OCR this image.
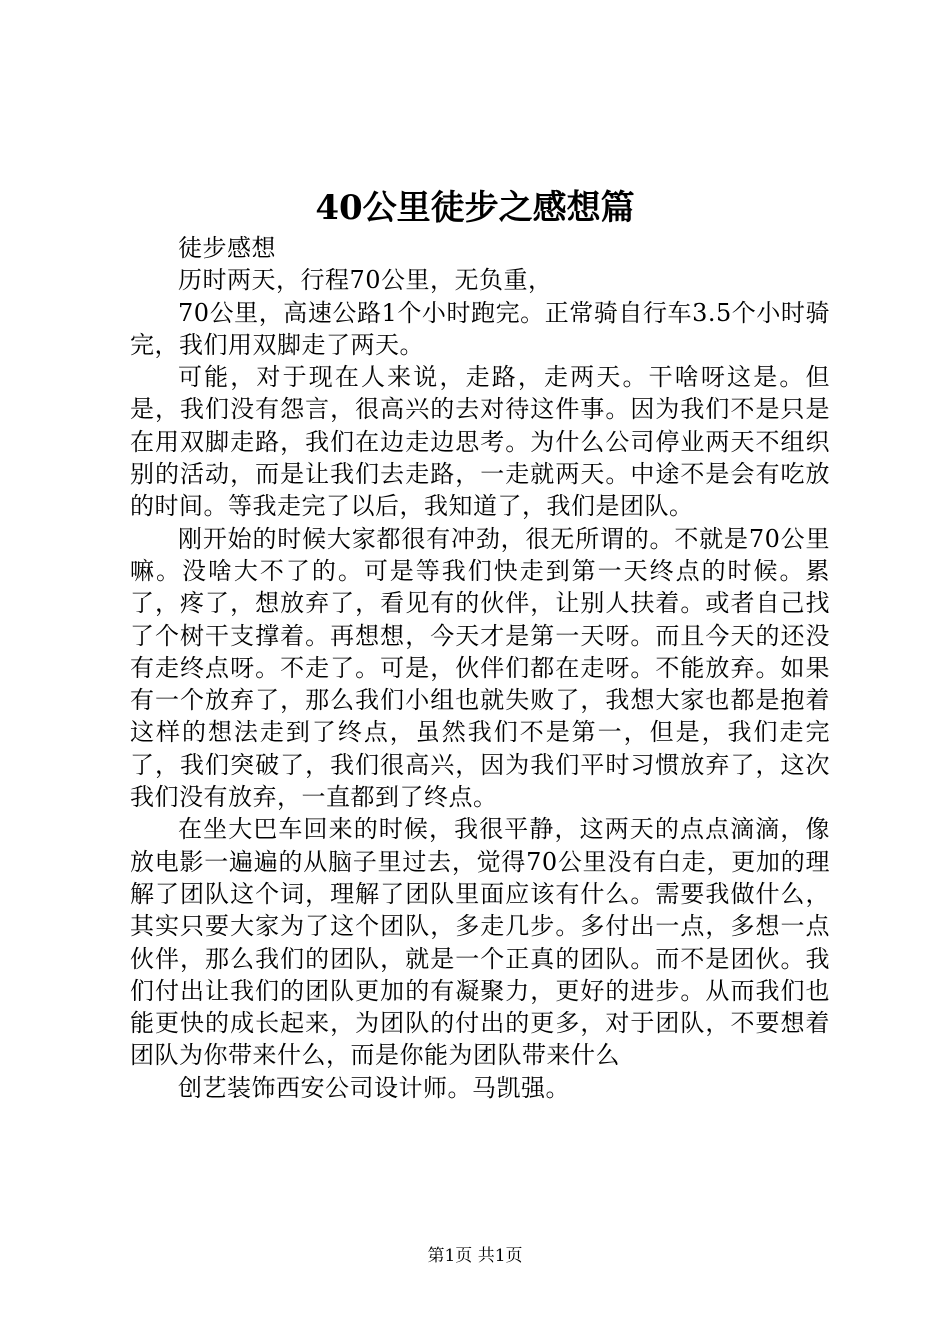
40公里徒步之感想篇

徒步感想

历时两天，行程70公里，无负重，

70公里，高速公路1个小时跑完。正常骑自行车3.5个小时骑完，我们用双脚走了两天。

可能，对于现在人来说，走路，走两天。干啥呀这是。但是，我们没有怨言，很高兴的去对待这件事。因为我们不是只是在用双脚走路，我们在边走边思考。为什么公司停业两天不组织别的活动，而是让我们去走路，一走就两天。中途不是会有吃放的时间。等我走完了以后，我知道了，我们是团队。

刚开始的时候大家都很有冲劲，很无所谓的。不就是70公里嘛。没啥大不了的。可是等我们快走到第一天终点的时候。累了，疼了，想放弃了，看见有的伙伴，让别人扶着。或者自己找了个树干支撑着。再想想，今天才是第一天呀。而且今天的还没有走终点呀。不走了。可是，伙伴们都在走呀。不能放弃。如果有一个放弃了，那么我们小组也就失败了，我想大家也都是抱着这样的想法走到了终点，虽然我们不是第一，但是，我们走完了，我们突破了，我们很高兴，因为我们平时习惯放弃了，这次我们没有放弃，一直都到了终点。

在坐大巴车回来的时候，我很平静，这两天的点点滴滴，像放电影一遍遍的从脑子里过去，觉得70公里没有白走，更加的理解了团队这个词，理解了团队里面应该有什么。需要我做什么，其实只要大家为了这个团队，多走几步。多付出一点，多想一点伙伴，那么我们的团队，就是一个正真的团队。而不是团伙。我们付出让我们的团队更加的有凝聚力，更好的进步。从而我们也能更快的成长起来，为团队的付出的更多，对于团队，不要想着团队为你带来什么，而是你能为团队带来什么

创艺装饰西安公司设计师。马凯强。

第1页 共1页
